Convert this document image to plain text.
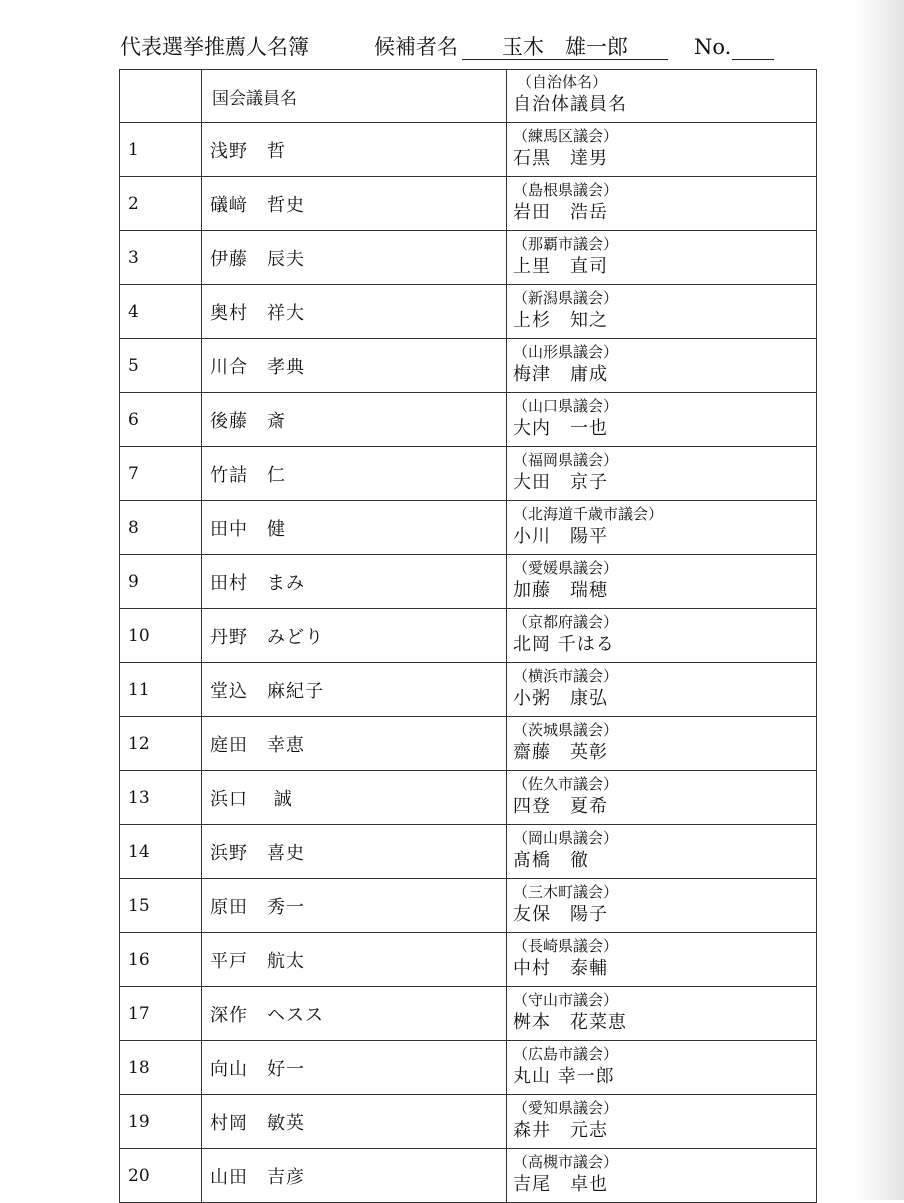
代表選挙推薦人名簿	候補者名	玉木　雄一郎	No.
	国会議員名	（自治体名）
自治体議員名

1	浅野　哲	（練馬区議会）
石黒　達男

2	礒﨑　哲史	（島根県議会）
岩田　浩岳

3	伊藤　辰夫	（那覇市議会）
上里　直司

4	奥村　祥大	（新潟県議会）
上杉　知之

5	川合　孝典	（山形県議会）
梅津　庸成

6	後藤　斎	（山口県議会）
大内　一也

7	竹詰　仁	（福岡県議会）
大田　京子

8	田中　健	（北海道千歳市議会）
小川　陽平

9	田村　まみ	（愛媛県議会）
加藤　瑞穂

10	丹野　みどり	（京都府議会）
北岡 千はる

11	堂込　麻紀子	（横浜市議会）
小粥　康弘

12	庭田　幸恵	（茨城県議会）
齋藤　英彰

13	浜口　 誠	（佐久市議会）
四登　夏希

14	浜野　喜史	（岡山県議会）
髙橋　徹

15	原田　秀一	（三木町議会）
友保　陽子

16	平戸　航太	（長崎県議会）
中村　泰輔

17	深作　ヘスス	（守山市議会）
桝本　花菜恵

18	向山　好一	（広島市議会）
丸山 幸一郎

19	村岡　敏英	（愛知県議会）
森井　元志

20	山田　吉彦	（高槻市議会）
吉尾　卓也
